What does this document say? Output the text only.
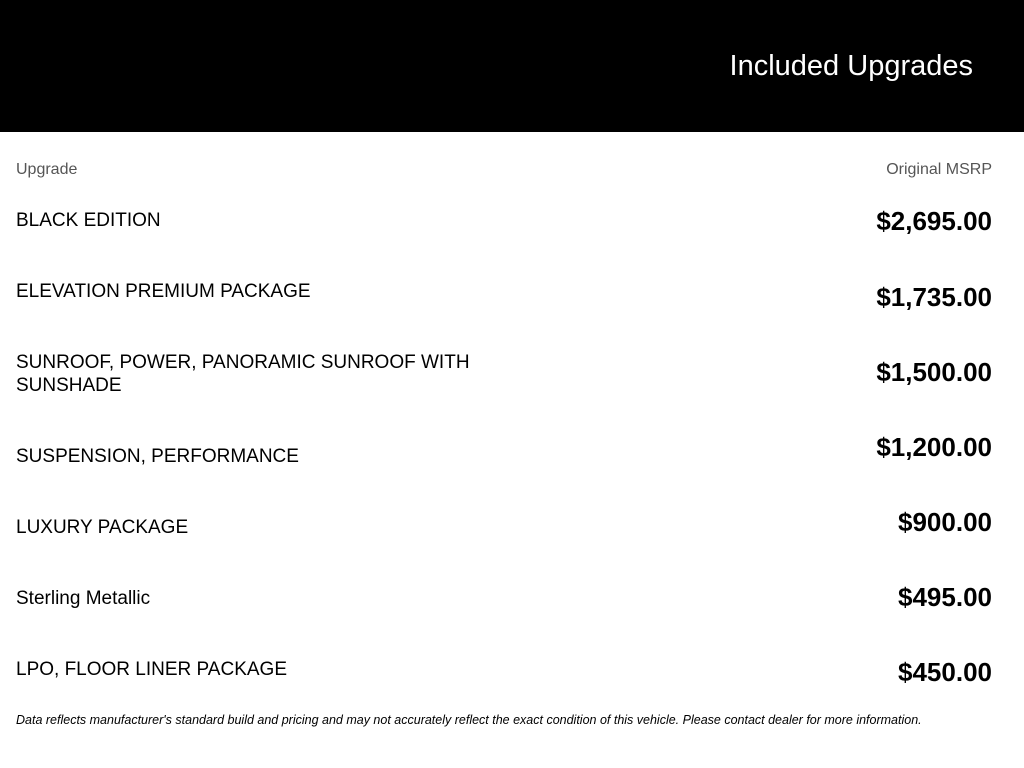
Included Upgrades
Upgrade	Original MSRP
BLACK EDITION	$2,695.00
ELEVATION PREMIUM PACKAGE	$1,735.00
SUNROOF, POWER, PANORAMIC SUNROOF WITH SUNSHADE	$1,500.00
SUSPENSION, PERFORMANCE	$1,200.00
LUXURY PACKAGE	$900.00
Sterling Metallic	$495.00
LPO, FLOOR LINER PACKAGE	$450.00
Data reflects manufacturer's standard build and pricing and may not accurately reflect the exact condition of this vehicle. Please contact dealer for more information.
